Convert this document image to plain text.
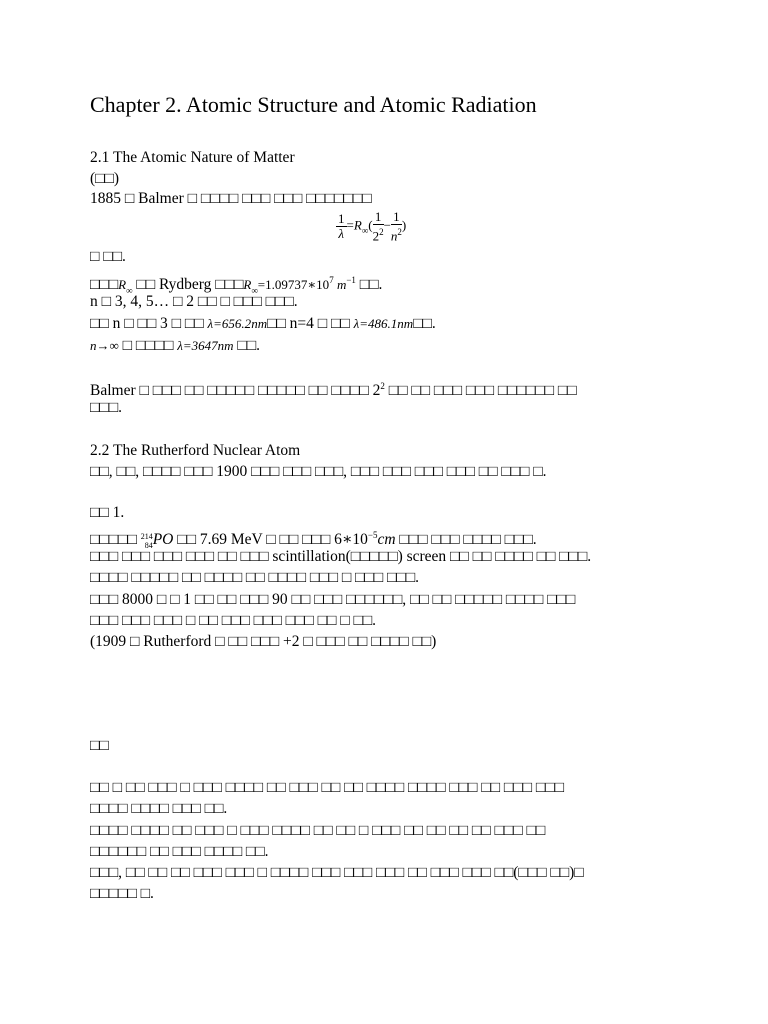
Chapter 2. Atomic Structure and Atomic Radiation
2.1 The Atomic Nature of Matter
(□□)
1885 □ Balmer □ □□□□ □□□ □□□ □□□□□□□
$\frac{1}{\lambda} =R_\infty( \frac{1}{2^2} - \frac{1}{n^2}$ )
□ □□.
$□□□R_\infty$ □□ Rydberg $□□□R_\infty=1.09737∗10^7$ $m^{-1}$ □□.
n □ 3, 4, 5… □ 2 □□ □ □□□ □□□.
□□ n □ □□ 3 □ □□ λ=656.2nm□□ n=4 □ □□ λ=486.1nm□□.
n→∞ □ □□□□ λ=3647nm □□.
Balmer □ □□□ □□ □□□□□ □□□□□ □□ □□□□ $2^2$ □□ □□ □□□ □□□ □□□□□□ □□
□□□.
2.2 The Rutherford Nuclear Atom
□□, □□, □□□□ □□□ 1900 □□□ □□□ □□□, □□□ □□□ □□□ □□□ □□ □□□ □.
□□ 1.
□□□□□ 214
84 PO □□ 7.69 MeV □ □□ □□□ $6∗10^{-5}cm$ □□□ □□□ □□□□ □□□.
□□□ □□□ □□□ □□□ □□ □□□ scintillation(□□□□□) screen □□ □□ □□□□ □□ □□□.
□□□□ □□□□□ □□ □□□□ □□ □□□□ □□□ □ □□□ □□□.
□□□ 8000 □ □ 1 □□ □□ □□□ 90 □□ □□□ □□□□□□, □□ □□ □□□□□ □□□□ □□□
□□□ □□□ □□□ □ □□ □□□ □□□ □□□ □□ □ □□.
(1909 □ Rutherford □ □□ □□□ +2 □ □□□ □□ □□□□ □□)
□□
□□ □ □□ □□□ □ □□□ □□□□ □□ □□□ □□ □□ □□□□ □□□□ □□□ □□ □□□ □□□
□□□□ □□□□ □□□ □□.
□□□□ □□□□ □□ □□□ □ □□□ □□□□ □□ □□ □ □□□ □□ □□ □□ □□ □□□ □□
□□□□□□ □□ □□□ □□□□ □□.
□□□, □□ □□ □□ □□□ □□□ □ □□□□ □□□ □□□ □□□ □□ □□□ □□□ □□(□□□ □□)□
□□□□□ □.
